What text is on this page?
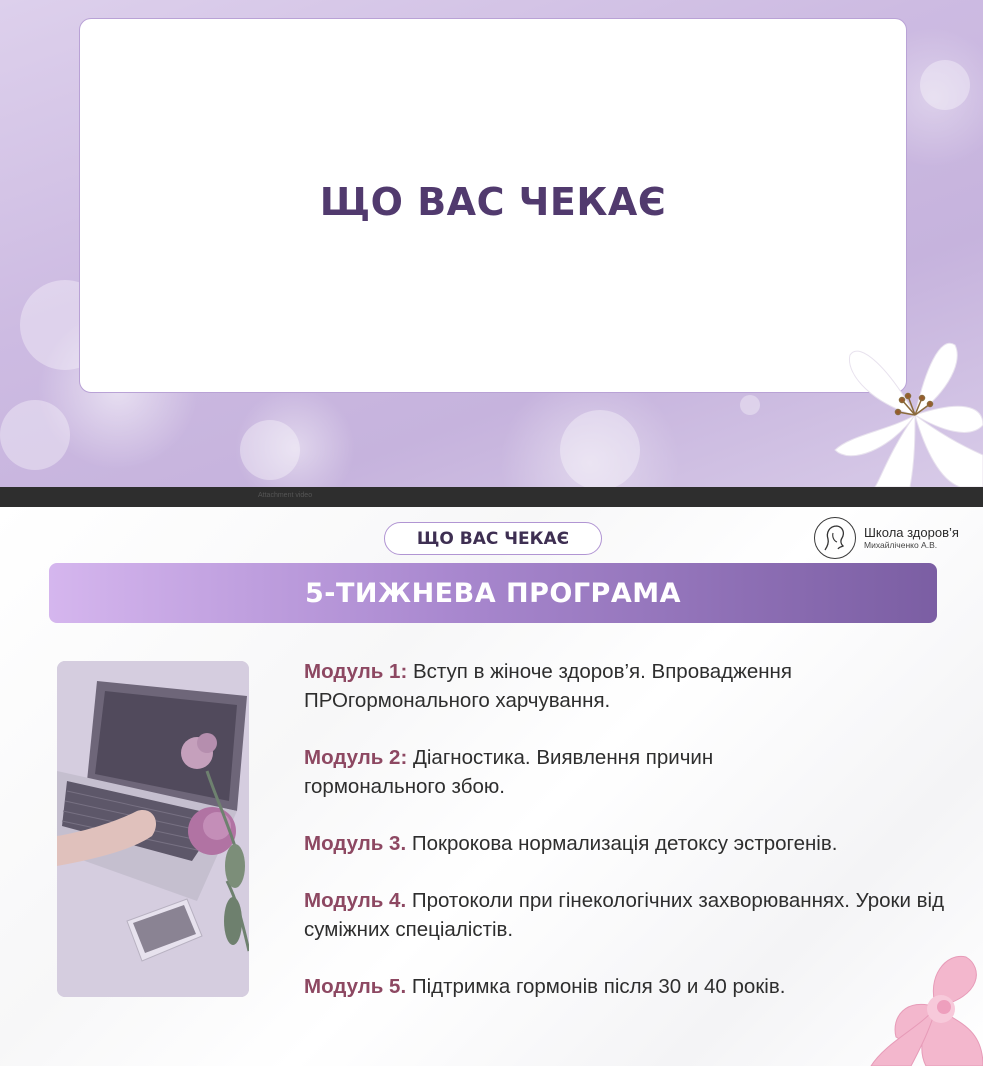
ЩО ВАС ЧЕКАЄ
Attachment video
ЩО ВАС ЧЕКАЄ	Школа здоров’я
Михайліченко А.В.
5-ТИЖНЕВА ПРОГРАМА
Модуль 1: Вступ в жіноче здоров’я. Впровадження ПРОгормонального харчування.
Модуль 2: Діагностика. Виявлення причин гормонального збою.
Модуль 3. Покрокова нормализація детоксу эстрогенів.
Модуль 4. Протоколи при гінекологічних захворюваннях. Уроки від суміжних спеціалістів.
Модуль 5. Підтримка гормонів після 30 и 40 років.
